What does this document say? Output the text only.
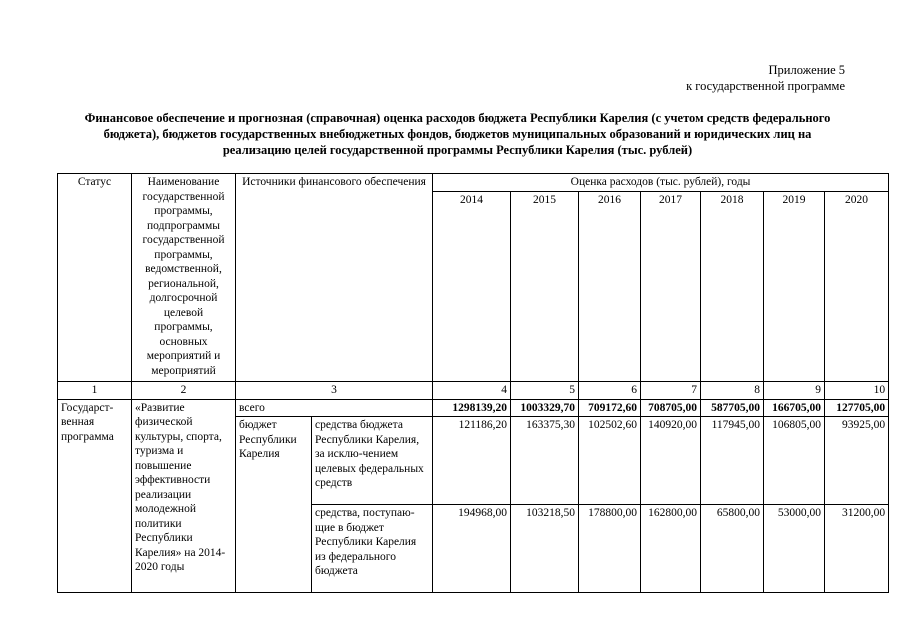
Приложение 5
к государственной программе
Финансовое обеспечение и прогнозная (справочная) оценка расходов бюджета Республики Карелия (с учетом средств федерального бюджета), бюджетов государственных внебюджетных фондов, бюджетов муниципальных образований и юридических лиц на реализацию целей государственной программы Республики Карелия (тыс. рублей)
Статус	Наименование государственной программы, подпрограммы государственной программы, ведомственной, региональной, долгосрочной целевой программы, основных мероприятий и мероприятий	Источники финансового обеспечения		Оценка расходов (тыс. рублей), годы						
				2014	2015	2016	2017	2018	2019	2020
1	2	3		4	5	6	7	8	9	10
Государст-венная программа	«Развитие физической культуры, спорта, туризма и повышение эффективности реализации молодежной политики Республики Карелия» на 2014-2020 годы	всего		1298139,20	1003329,70	709172,60	708705,00	587705,00	166705,00	127705,00
		бюджет Республики Карелия	средства бюджета Республики Карелия, за исклю-чением целевых федеральных средств	121186,20	163375,30	102502,60	140920,00	117945,00	106805,00	93925,00
			средства, поступаю-щие в бюджет Республики Карелия из федерального бюджета	194968,00	103218,50	178800,00	162800,00	65800,00	53000,00	31200,00
